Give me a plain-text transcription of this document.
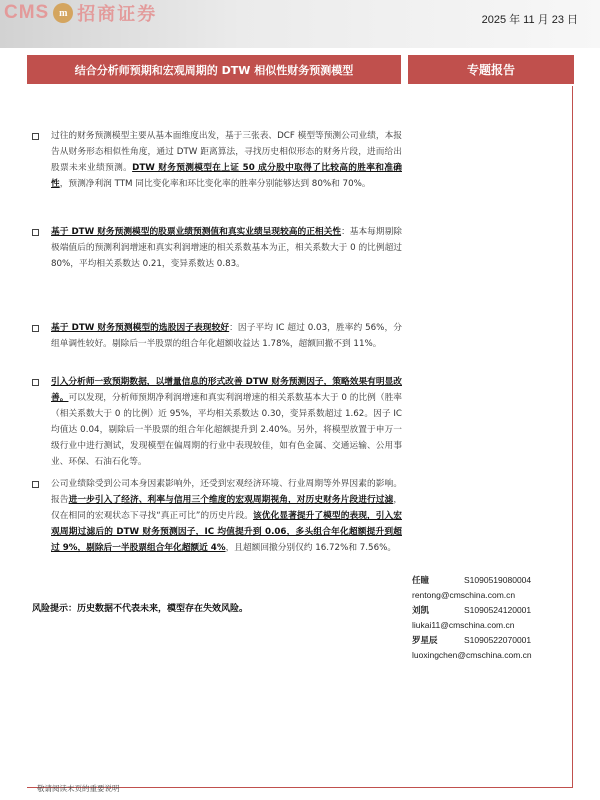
CMS m 招商证券	2025 年 11 月 23 日
结合分析师预期和宏观周期的 DTW 相似性财务预测模型	专题报告
过往的财务预测模型主要从基本面维度出发，基于三张表、DCF 模型等预测公司业绩，本报告从财务形态相似性角度，通过 DTW 距离算法，寻找历史相似形态的财务片段，进而给出股票未来业绩预测。DTW 财务预测模型在上证 50 成分股中取得了比较高的胜率和准确性，预测净利润 TTM 同比变化率和环比变化率的胜率分别能够达到 80%和 70%。
基于 DTW 财务预测模型的股票业绩预测值和真实业绩呈现较高的正相关性：基本每期剔除极端值后的预测利润增速和真实利润增速的相关系数基本为正，相关系数大于 0 的比例超过 80%，平均相关系数达 0.21，变异系数达 0.83。
基于 DTW 财务预测模型的选股因子表现较好：因子平均 IC 超过 0.03，胜率约 56%，分组单调性较好。剔除后一半股票的组合年化超额收益达 1.78%，超额回撤不到 11%。
引入分析师一致预期数据，以增量信息的形式改善 DTW 财务预测因子，策略效果有明显改善。可以发现，分析师预期净利润增速和真实利润增速的相关系数基本大于 0 的比例（胜率（相关系数大于 0 的比例）近 95%，平均相关系数达 0.30，变异系数超过 1.62。因子 IC 均值达 0.04，剔除后一半股票的组合年化超额提升到 2.40%。另外，将模型放置于申万一级行业中进行测试，发现模型在偏周期的行业中表现较佳，如有色金属、交通运输、公用事业、环保、石油石化等。
公司业绩除受到公司本身因素影响外，还受到宏观经济环境、行业周期等外界因素的影响。报告进一步引入了经济、利率与信用三个维度的宏观周期视角，对历史财务片段进行过滤，仅在相同的宏观状态下寻找“真正可比”的历史片段。该优化显著提升了模型的表现，引入宏观周期过滤后的 DTW 财务预测因子，IC 均值提升到 0.06，多头组合年化超额提升到超过 9%，剔除后一半股票组合年化超额近 4%，且超额回撤分别仅约 16.72%和 7.56%。
风险提示：历史数据不代表未来，模型存在失效风险。
任瞳	S1090519080004
rentong@cmschina.com.cn
刘凯	S1090524120001
liukai11@cmschina.com.cn
罗星辰	S1090522070001
luoxingchen@cmschina.com.cn
敬请阅读末页的重要说明
